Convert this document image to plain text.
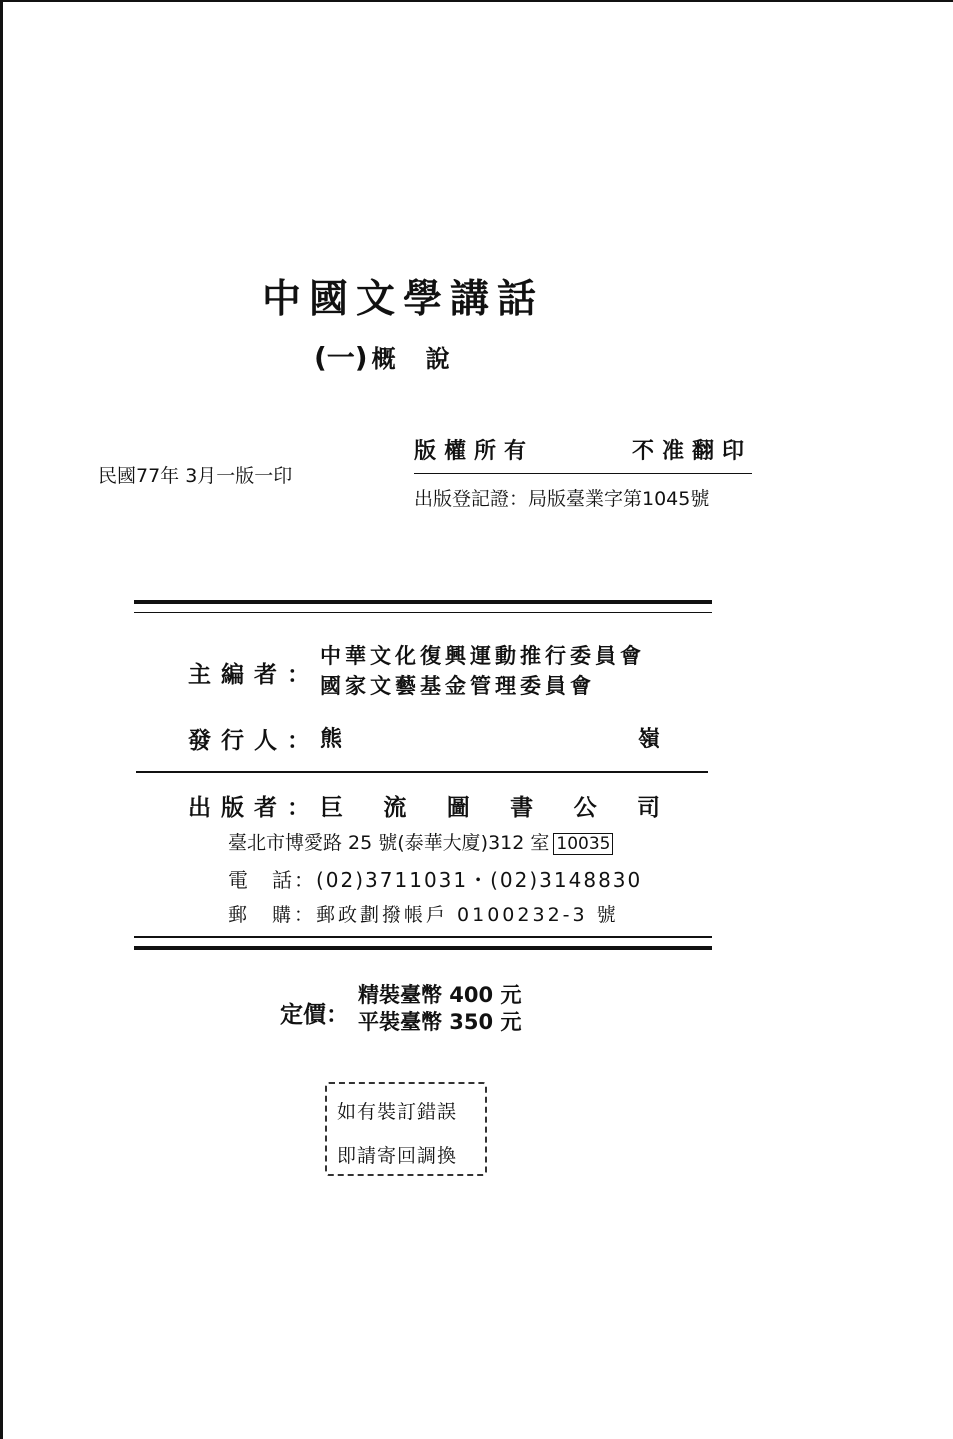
中國文學講話
(一) 概說
民國77年 3月一版一印
版權所有	不准翻印
出版登記證：局版臺業字第1045號
主編者：
中華文化復興運動推行委員會
國家文藝基金管理委員會
發行人： 熊	嶺
出版者： 巨 流 圖 書 公 司
臺北市博愛路 25 號(泰華大廈)312 室 10035
電　話：(02)3711031・(02)3148830
郵　購：郵政劃撥帳戶 0100232-3 號
定價：
精裝臺幣 400 元
平裝臺幣 350 元
如有裝訂錯誤
即請寄回調換
